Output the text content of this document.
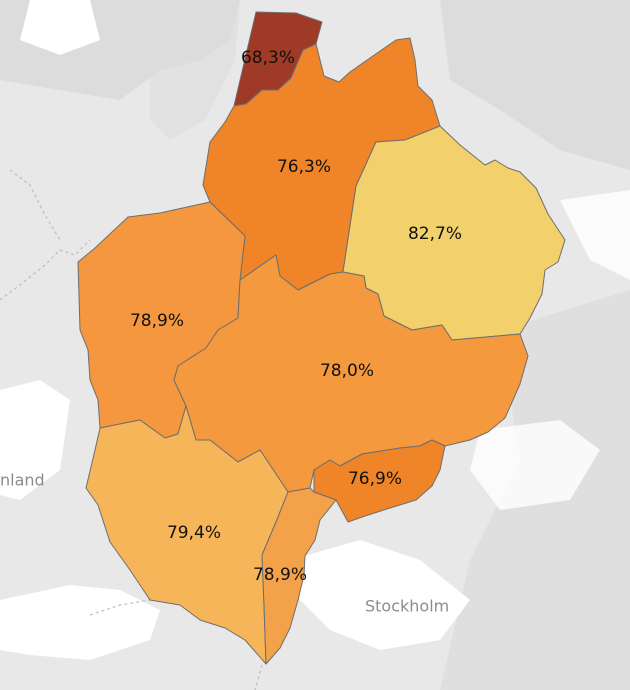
68,3%
76,3%
82,7%
78,9%
78,0%
76,9%
79,4%
78,9%
Stockholm
nland
